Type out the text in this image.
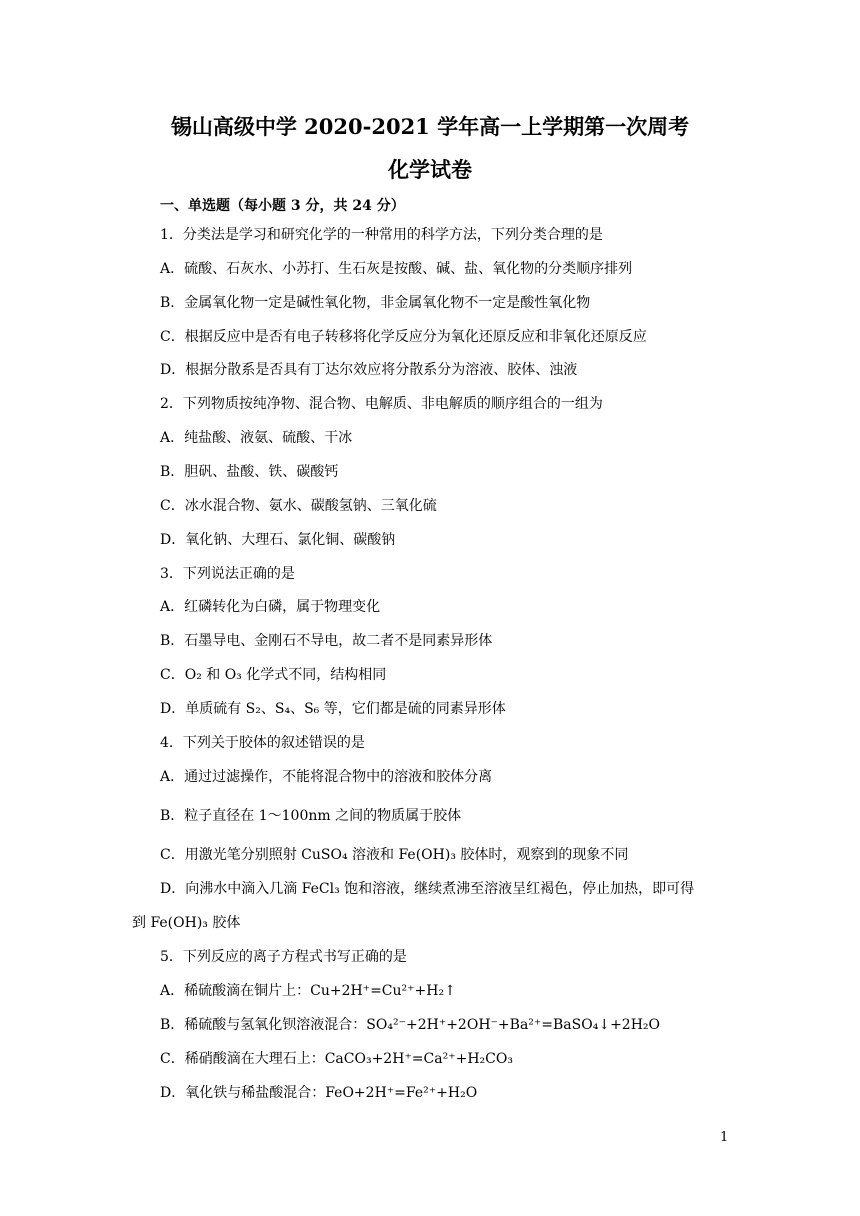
锡山高级中学 2020-2021 学年高一上学期第一次周考
化学试卷
一、单选题（每小题 3 分，共 24 分）
1．分类法是学习和研究化学的一种常用的科学方法，下列分类合理的是
A．硫酸、石灰水、小苏打、生石灰是按酸、碱、盐、氧化物的分类顺序排列
B．金属氧化物一定是碱性氧化物，非金属氧化物不一定是酸性氧化物
C．根据反应中是否有电子转移将化学反应分为氧化还原反应和非氧化还原反应
D．根据分散系是否具有丁达尔效应将分散系分为溶液、胶体、浊液
2．下列物质按纯净物、混合物、电解质、非电解质的顺序组合的一组为
A．纯盐酸、液氨、硫酸、干冰
B．胆矾、盐酸、铁、碳酸钙
C．冰水混合物、氨水、碳酸氢钠、三氧化硫
D．氧化钠、大理石、氯化铜、碳酸钠
3．下列说法正确的是
A．红磷转化为白磷，属于物理变化
B．石墨导电、金刚石不导电，故二者不是同素异形体
C．O₂ 和 O₃ 化学式不同，结构相同
D．单质硫有 S₂、S₄、S₆ 等，它们都是硫的同素异形体
4．下列关于胶体的叙述错误的是
A．通过过滤操作，不能将混合物中的溶液和胶体分离
B．粒子直径在 1～100nm 之间的物质属于胶体
C．用激光笔分别照射 CuSO₄ 溶液和 Fe(OH)₃ 胶体时，观察到的现象不同
D．向沸水中滴入几滴 FeCl₃ 饱和溶液，继续煮沸至溶液呈红褐色，停止加热，即可得
到 Fe(OH)₃ 胶体
5．下列反应的离子方程式书写正确的是
A．稀硫酸滴在铜片上：Cu+2H⁺=Cu²⁺+H₂↑
B．稀硫酸与氢氧化钡溶液混合：SO₄²⁻+2H⁺+2OH⁻+Ba²⁺=BaSO₄↓+2H₂O
C．稀硝酸滴在大理石上：CaCO₃+2H⁺=Ca²⁺+H₂CO₃
D．氧化铁与稀盐酸混合：FeO+2H⁺=Fe²⁺+H₂O
1
